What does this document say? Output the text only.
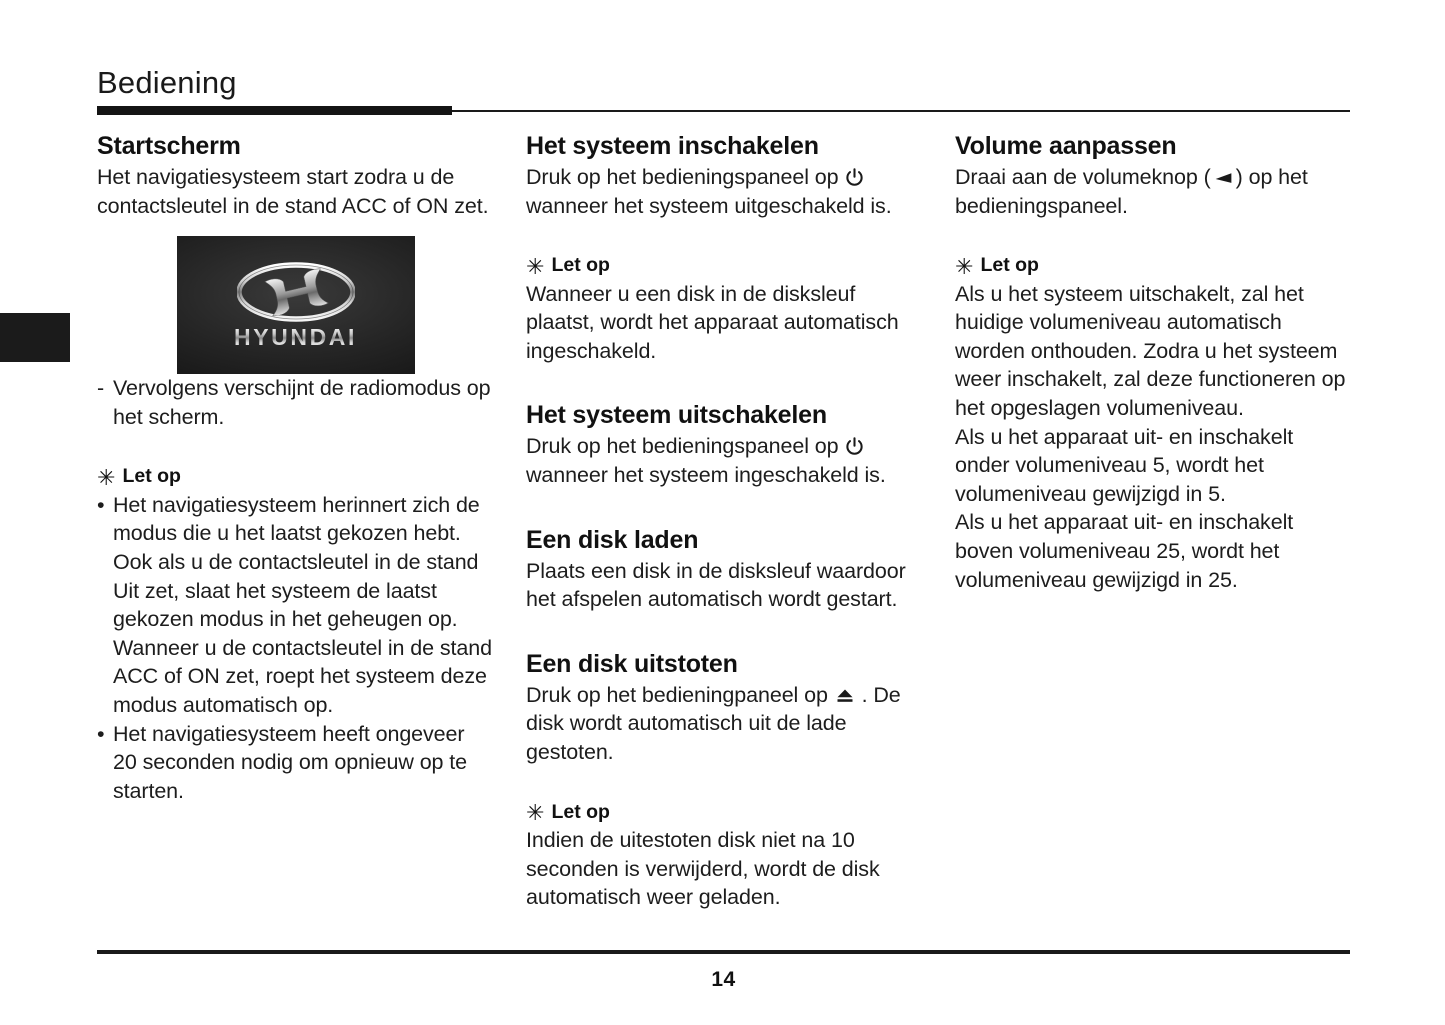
Bediening
Startscherm

Het navigatiesysteem start zodra u de contactsleutel in de stand ACC of ON zet.

HYUNDAI
- Vervolgens verschijnt de radiomodus op het scherm.
✳ Let op
• Het navigatiesysteem herinnert zich de modus die u het laatst gekozen hebt. Ook als u de contactsleutel in de stand Uit zet, slaat het systeem de laatst gekozen modus in het geheugen op. Wanneer u de contactsleutel in de stand ACC of ON zet, roept het systeem deze modus automatisch op.
• Het navigatiesysteem heeft ongeveer 20 seconden nodig om opnieuw op te starten.
Het systeem inschakelen

Druk op het bedieningspaneel op  wanneer het systeem uitgeschakeld is.

✳ Let op

Wanneer u een disk in de disksleuf plaatst, wordt het apparaat automatisch ingeschakeld.

Het systeem uitschakelen

Druk op het bedieningspaneel op  wanneer het systeem ingeschakeld is.

Een disk laden

Plaats een disk in de disksleuf waardoor het afspelen automatisch wordt gestart.

Een disk uitstoten

Druk op het bedieningpaneel op . De disk wordt automatisch uit de lade gestoten.

✳ Let op

Indien de uitestoten disk niet na 10 seconden is verwijderd, wordt de disk automatisch weer geladen.

Volume aanpassen

Draai aan de volumeknop ( ) op het bedieningspaneel.

✳ Let op

Als u het systeem uitschakelt, zal het huidige volumeniveau automatisch worden onthouden. Zodra u het systeem weer inschakelt, zal deze functioneren op het opgeslagen volumeniveau.

Als u het apparaat uit- en inschakelt onder volumeniveau 5, wordt het volumeniveau gewijzigd in 5.

Als u het apparaat uit- en inschakelt boven volumeniveau 25, wordt het volumeniveau gewijzigd in 25.

14
